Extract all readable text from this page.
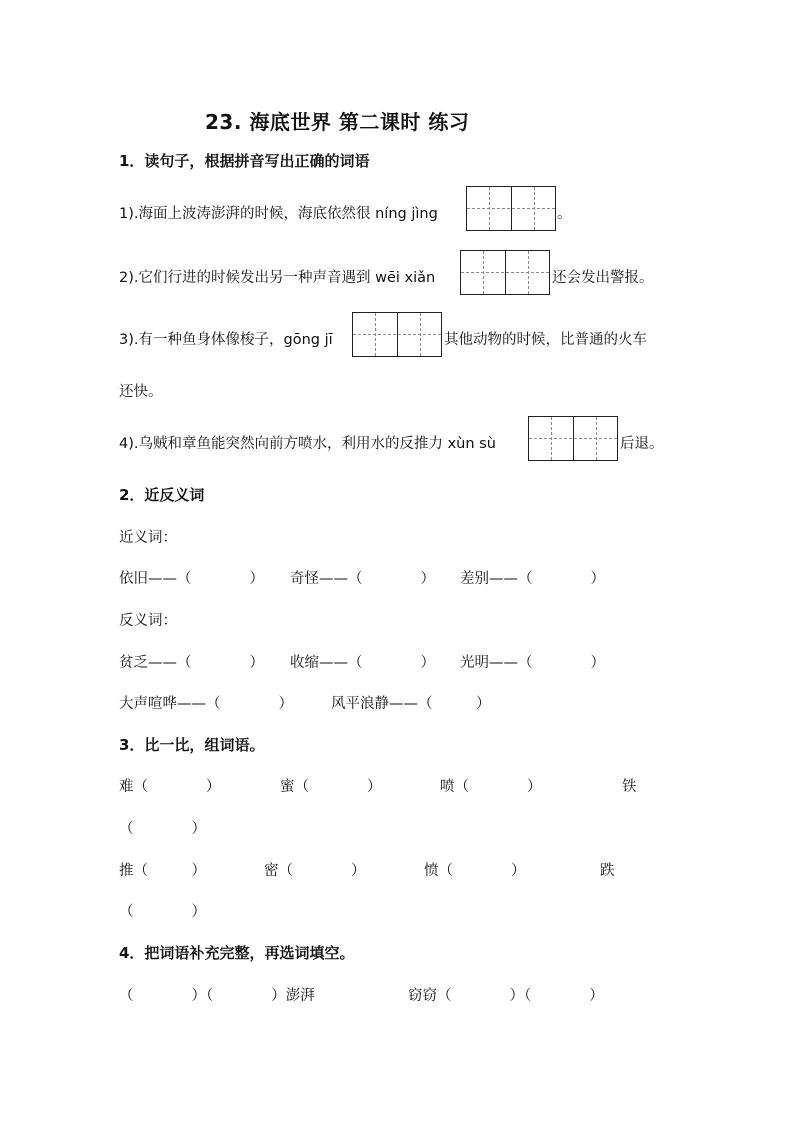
23. 海底世界 第二课时 练习
1．读句子，根据拼音写出正确的词语
1).海面上波涛澎湃的时候，海底依然很 níng jìng	。
2).它们行进的时候发出另一种声音遇到 wēi xiǎn	还会发出警报。
3).有一种鱼身体像梭子，gōng jī	其他动物的时候，比普通的火车
还快。
4).乌贼和章鱼能突然向前方喷水，利用水的反推力 xùn sù	后退。
2．近反义词
近义词：
依旧——（　　　　） 奇怪——（　　　　） 差别——（　　　　）
反义词：
贫乏——（　　　　） 收缩——（　　　　） 光明——（　　　　）
大声喧哗——（　　　　）	风平浪静——（　　　）
3．比一比，组词语。
难（　　　　）	蜜（　　　　）	喷（　　　　）	铁
（　　　　）
推（　　　）	密（　　　　）	愤（　　　　）	跌
（　　　　）
4．把词语补充完整，再选词填空。
（　　　　）（　　　　）澎湃	窃窃（　　　　）（　　　　）
